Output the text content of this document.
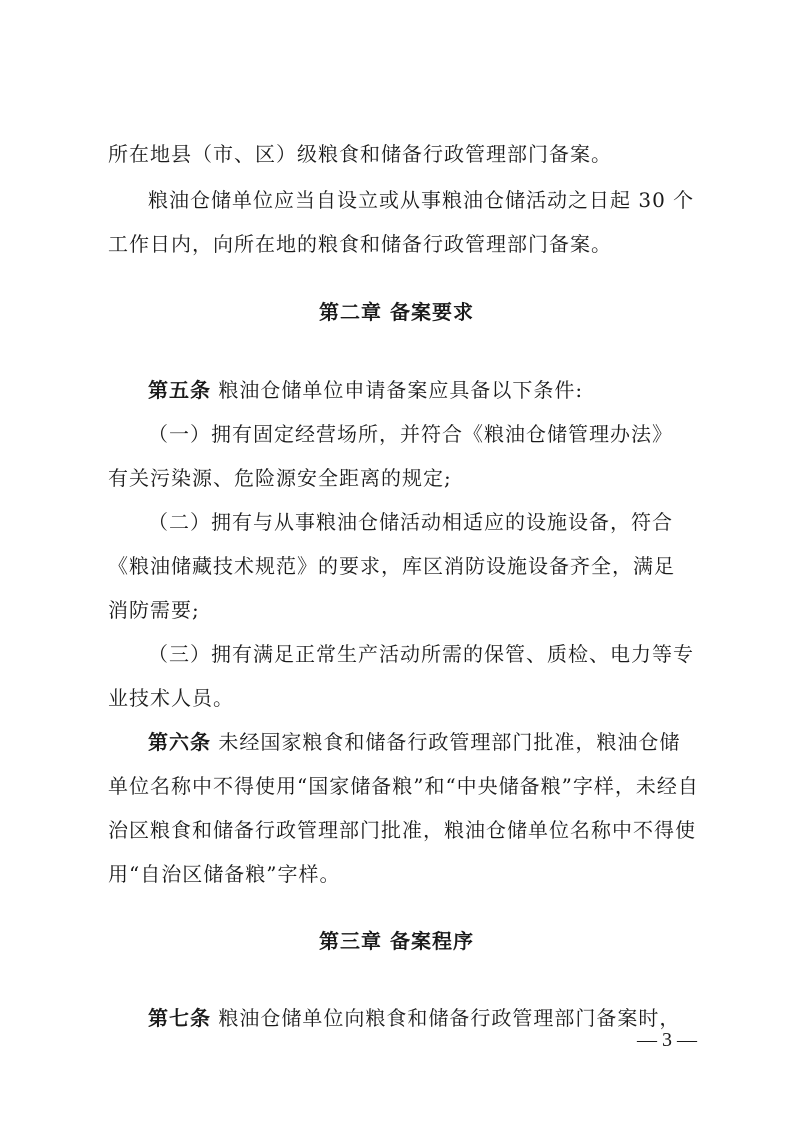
所在地县（市、区）级粮食和储备行政管理部门备案。
粮油仓储单位应当自设立或从事粮油仓储活动之日起 30 个
工作日内，向所在地的粮食和储备行政管理部门备案。
第二章 备案要求
第五条 粮油仓储单位申请备案应具备以下条件:
（一）拥有固定经营场所，并符合《粮油仓储管理办法》
有关污染源、危险源安全距离的规定;
（二）拥有与从事粮油仓储活动相适应的设施设备，符合
《粮油储藏技术规范》的要求，库区消防设施设备齐全，满足
消防需要;
（三）拥有满足正常生产活动所需的保管、质检、电力等专
业技术人员。
第六条 未经国家粮食和储备行政管理部门批准，粮油仓储
单位名称中不得使用“国家储备粮”和“中央储备粮”字样，未经自
治区粮食和储备行政管理部门批准，粮油仓储单位名称中不得使
用“自治区储备粮”字样。
第三章 备案程序
第七条 粮油仓储单位向粮食和储备行政管理部门备案时，
— 3 —
